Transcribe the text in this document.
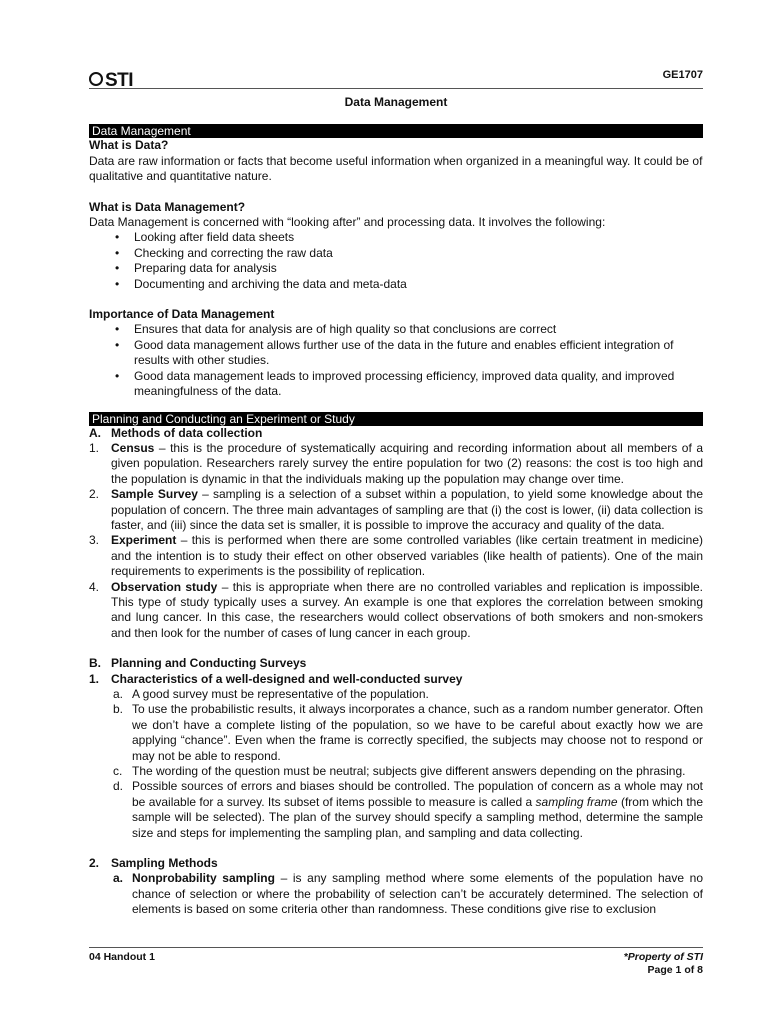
STI	GE1707
Data Management
Data Management

What is Data?

Data are raw information or facts that become useful information when organized in a meaningful way. It could be of qualitative and quantitative nature.

What is Data Management?

Data Management is concerned with “looking after” and processing data. It involves the following:

• Looking after field data sheets
• Checking and correcting the raw data
• Preparing data for analysis
• Documenting and archiving the data and meta-data

Importance of Data Management

• Ensures that data for analysis are of high quality so that conclusions are correct
• Good data management allows further use of the data in the future and enables efficient integration of results with other studies.
• Good data management leads to improved processing efficiency, improved data quality, and improved meaningfulness of the data.
Planning and Conducting an Experiment or Study
A. Methods of data collection
1. Census – this is the procedure of systematically acquiring and recording information about all members of a given population. Researchers rarely survey the entire population for two (2) reasons: the cost is too high and the population is dynamic in that the individuals making up the population may change over time.
2. Sample Survey – sampling is a selection of a subset within a population, to yield some knowledge about the population of concern. The three main advantages of sampling are that (i) the cost is lower, (ii) data collection is faster, and (iii) since the data set is smaller, it is possible to improve the accuracy and quality of the data.
3. Experiment – this is performed when there are some controlled variables (like certain treatment in medicine) and the intention is to study their effect on other observed variables (like health of patients). One of the main requirements to experiments is the possibility of replication.
4. Observation study – this is appropriate when there are no controlled variables and replication is impossible. This type of study typically uses a survey. An example is one that explores the correlation between smoking and lung cancer. In this case, the researchers would collect observations of both smokers and non-smokers and then look for the number of cases of lung cancer in each group.
B. Planning and Conducting Surveys
1. Characteristics of a well-designed and well-conducted survey
a. A good survey must be representative of the population.
b. To use the probabilistic results, it always incorporates a chance, such as a random number generator. Often we don’t have a complete listing of the population, so we have to be careful about exactly how we are applying “chance”. Even when the frame is correctly specified, the subjects may choose not to respond or may not be able to respond.
c. The wording of the question must be neutral; subjects give different answers depending on the phrasing.
d. Possible sources of errors and biases should be controlled. The population of concern as a whole may not be available for a survey. Its subset of items possible to measure is called a sampling frame (from which the sample will be selected). The plan of the survey should specify a sampling method, determine the sample size and steps for implementing the sampling plan, and sampling and data collecting.
2. Sampling Methods
a. Nonprobability sampling – is any sampling method where some elements of the population have no chance of selection or where the probability of selection can’t be accurately determined. The selection of elements is based on some criteria other than randomness. These conditions give rise to exclusion
04 Handout 1	*Property of STI
Page 1 of 8
